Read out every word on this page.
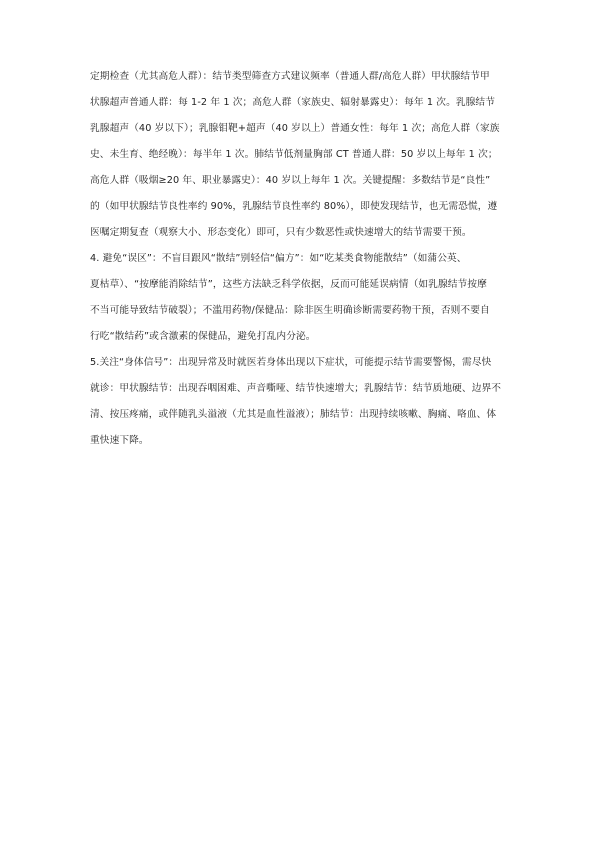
定期检查（尤其高危人群）：结节类型筛查方式建议频率（普通人群/高危人群）甲状腺结节甲
状腺超声普通人群：每 1-2 年 1 次；高危人群（家族史、辐射暴露史）：每年 1 次。乳腺结节
乳腺超声（40 岁以下）；乳腺钼靶+超声（40 岁以上）普通女性：每年 1 次；高危人群（家族
史、未生育、绝经晚）：每半年 1 次。肺结节低剂量胸部 CT 普通人群：50 岁以上每年 1 次；
高危人群（吸烟≥20 年、职业暴露史）：40 岁以上每年 1 次。关键提醒：多数结节是“良性”
的（如甲状腺结节良性率约 90%，乳腺结节良性率约 80%），即使发现结节，也无需恐慌，遵
医嘱定期复查（观察大小、形态变化）即可，只有少数恶性或快速增大的结节需要干预。

4. 避免“误区”：不盲目跟风“散结”别轻信“偏方”：如“吃某类食物能散结”（如蒲公英、
夏枯草）、“按摩能消除结节”，这些方法缺乏科学依据，反而可能延误病情（如乳腺结节按摩
不当可能导致结节破裂）；不滥用药物/保健品：除非医生明确诊断需要药物干预，否则不要自
行吃“散结药”或含激素的保健品，避免打乱内分泌。

5.关注“身体信号”：出现异常及时就医若身体出现以下症状，可能提示结节需要警惕，需尽快
就诊：甲状腺结节：出现吞咽困难、声音嘶哑、结节快速增大；乳腺结节：结节质地硬、边界不
清、按压疼痛，或伴随乳头溢液（尤其是血性溢液）；肺结节：出现持续咳嗽、胸痛、咯血、体
重快速下降。
